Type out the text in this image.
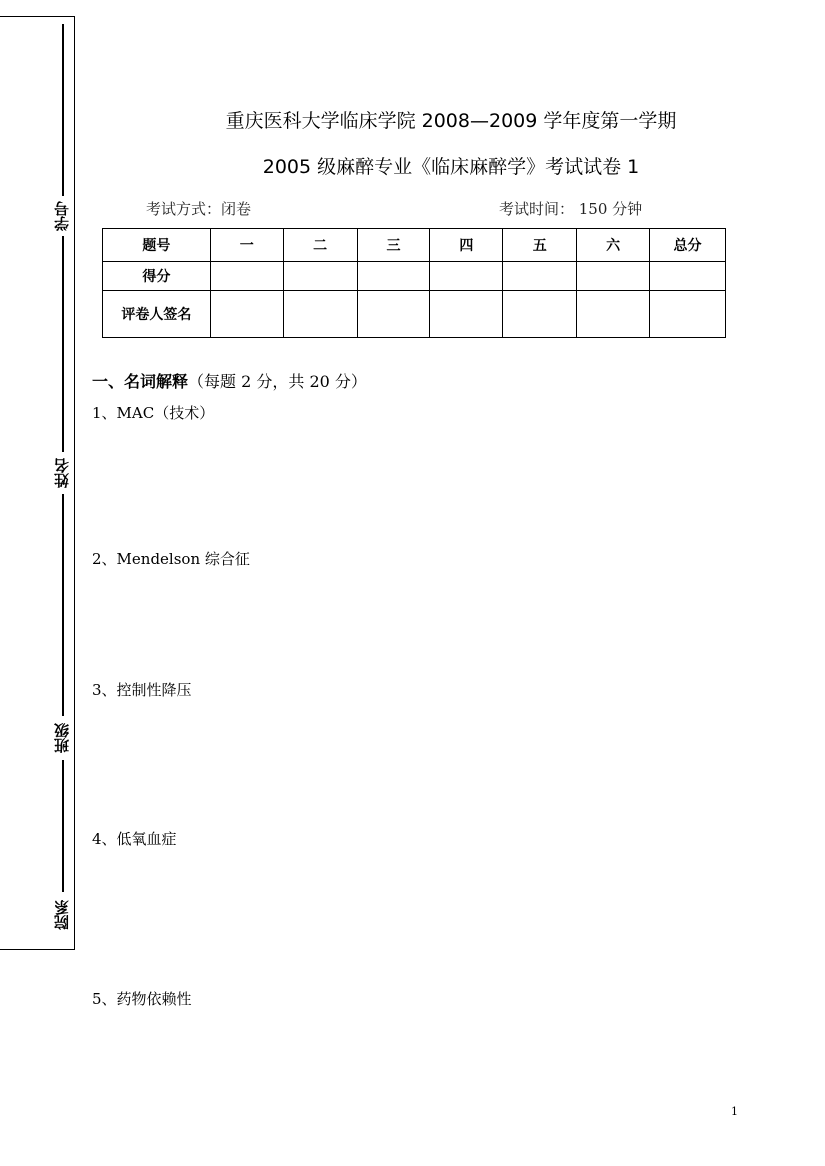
学号
姓名
班级
院系
重庆医科大学临床学院 2008—2009 学年度第一学期
2005 级麻醉专业《临床麻醉学》考试试卷 1
考试方式：闭卷	考试时间： 150 分钟
题号	一	二	三	四	五	六	总分
得分							
评卷人签名							
一、名词解释（每题 2 分，共 20 分）
1、MAC（技术）
2、Mendelson 综合征
3、控制性降压
4、低氧血症
5、药物依赖性
1
